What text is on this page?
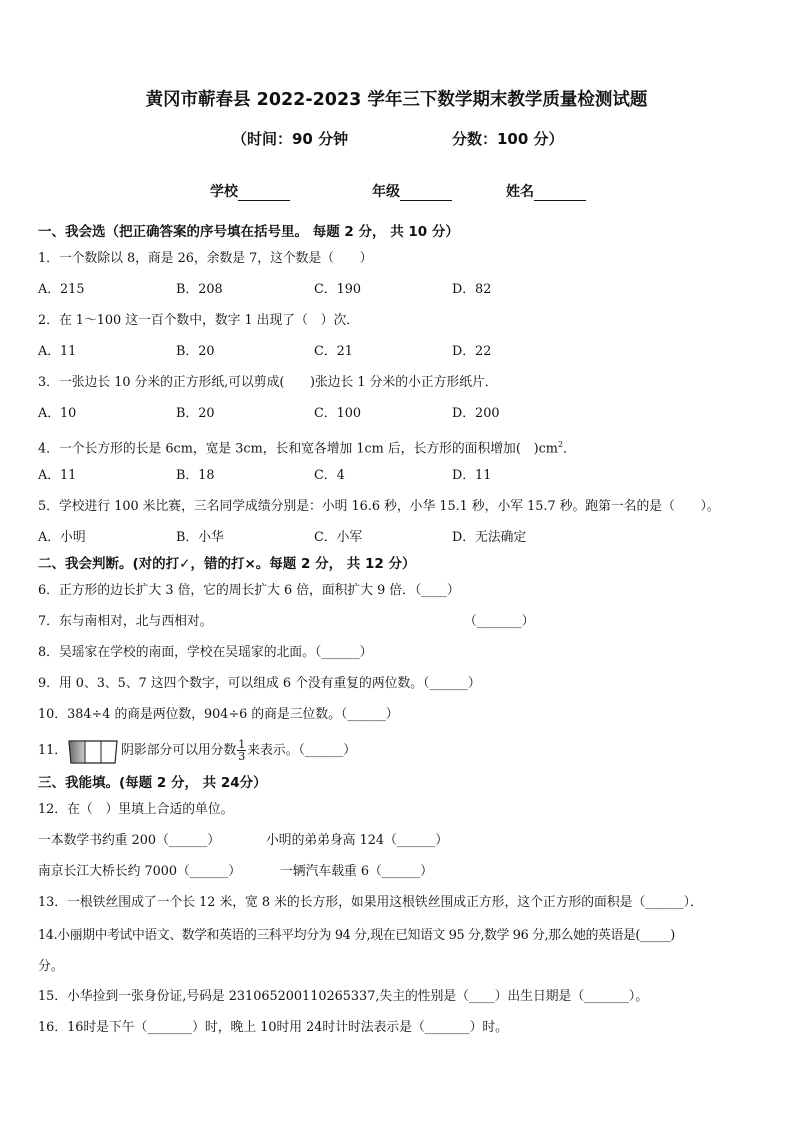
黄冈市蕲春县 2022-2023 学年三下数学期末教学质量检测试题
（时间：90 分钟	分数：100 分）
学校	年级	姓名
一、我会选（把正确答案的序号填在括号里。 每题 2 分， 共 10 分）
1．一个数除以 8，商是 26，余数是 7，这个数是（　　）
A．215	B．208	C．190	D．82
2．在 1～100 这一百个数中，数字 1 出现了（　）次．
A．11	B．20	C．21	D．22
3．一张边长 10 分米的正方形纸,可以剪成(　　)张边长 1 分米的小正方形纸片．
A．10	B．20	C．100	D．200
4．一个长方形的长是 6cm，宽是 3cm，长和宽各增加 1cm 后，长方形的面积增加(　)$cm^2$．
A．11	B．18	C．4	D．11
5．学校进行 100 米比赛，三名同学成绩分别是：小明 16.6 秒，小华 15.1 秒，小军 15.7 秒。跑第一名的是（　　）。
A．小明	B．小华	C．小军	D．无法确定
二、我会判断。(对的打✓，错的打×。每题 2 分， 共 12 分）
6．正方形的边长扩大 3 倍，它的周长扩大 6 倍，面积扩大 9 倍．（____）
7．东与南相对，北与西相对。	（_______）
8．吴瑶家在学校的南面，学校在吴瑶家的北面。（______）
9．用 0、3、5、7 这四个数字，可以组成 6 个没有重复的两位数。（______）
10．384÷4 的商是两位数，904÷6 的商是三位数。（______）
11．	阴影部分可以用分数 $\frac{1}{3}$ 来表示。（______）
三、我能填。(每题 2 分， 共 24分）
12．在（　）里填上合适的单位。
一本数学书约重 200（______）	小明的弟弟身高 124（______）
南京长江大桥长约 7000（______）	一辆汽车载重 6（______）
13．一根铁丝围成了一个长 12 米，宽 8 米的长方形，如果用这根铁丝围成正方形，这个正方形的面积是（______）．
14.小丽期中考试中语文、数学和英语的三科平均分为 94 分,现在已知语文 95 分,数学 96 分,那么她的英语是(_____)
分。
15．小华捡到一张身份证,号码是 231065200110265337,失主的性别是（____）出生日期是（_______）。
16．16时是下午（_______）时，晚上 10时用 24时计时法表示是（_______）时。
